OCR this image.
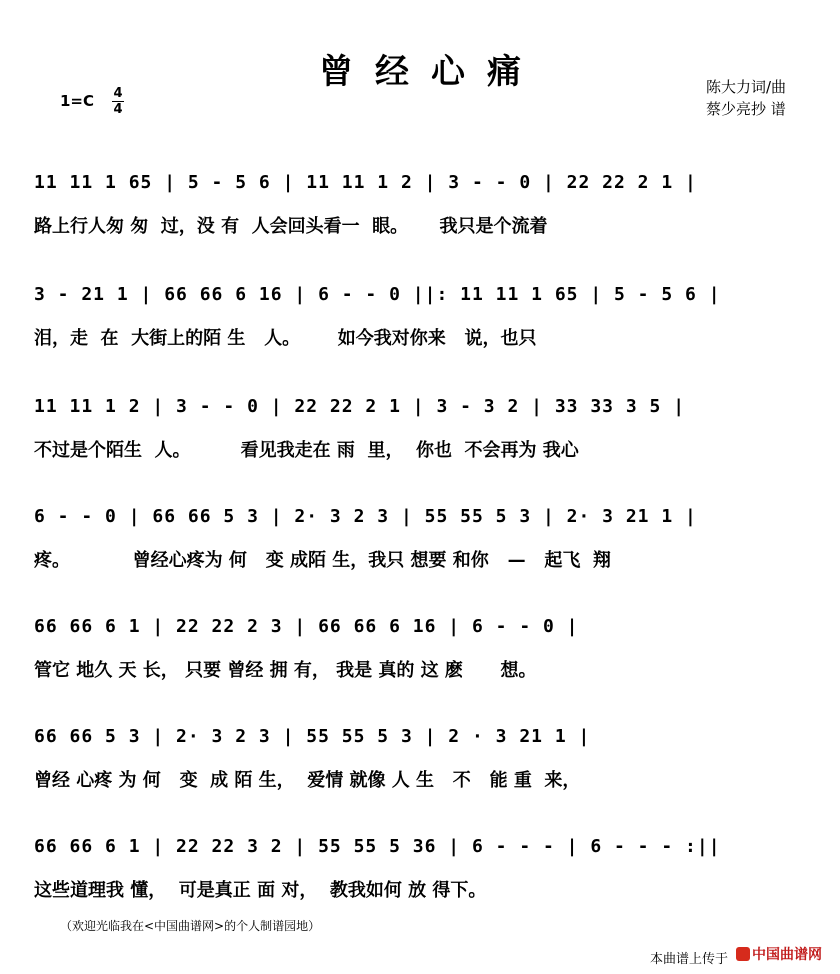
曾经心痛
1=C 4
4
陈大力词/曲
蔡少亮抄 谱
11 11 1 65 | 5 - 5 6 | 11 11 1 2 | 3 - - 0 | 22 22 2 1 |
路上行人匆 匆  过，没 有  人会回头看一  眼。     我只是个流着
3 - 21 1 | 66 66 6 16 | 6 - - 0 ||: 11 11 1 65 | 5 - 5 6 |
泪，走  在  大街上的陌 生   人。      如今我对你来   说，也只
11 11 1 2 | 3 - - 0 | 22 22 2 1 | 3 - 3 2 | 33 33 3 5 |
不过是个陌生  人。        看见我走在 雨  里，  你也  不会再为 我心
6 - - 0 | 66 66 5 3 | 2· 3 2 3 | 55 55 5 3 | 2· 3 21 1 |
疼。          曾经心疼为 何   变 成陌 生，我只 想要 和你   —   起飞  翔
66 66 6 1 | 22 22 2 3 | 66 66 6 16 | 6 - - 0 |
管它 地久 天 长， 只要 曾经 拥 有， 我是 真的 这 麽      想。
66 66 5 3 | 2· 3 2 3 | 55 55 5 3 | 2 · 3 21 1 |
曾经 心疼 为 何   变  成 陌 生，  爱情 就像 人 生   不   能 重  来，
66 66 6 1 | 22 22 3 2 | 55 55 5 36 | 6 - - - | 6 - - - :||
这些道理我 懂，  可是真正 面 对，  教我如何 放 得下。
（欢迎光临我在<中国曲谱网>的个人制谱园地）
本曲谱上传于	中国曲谱网
